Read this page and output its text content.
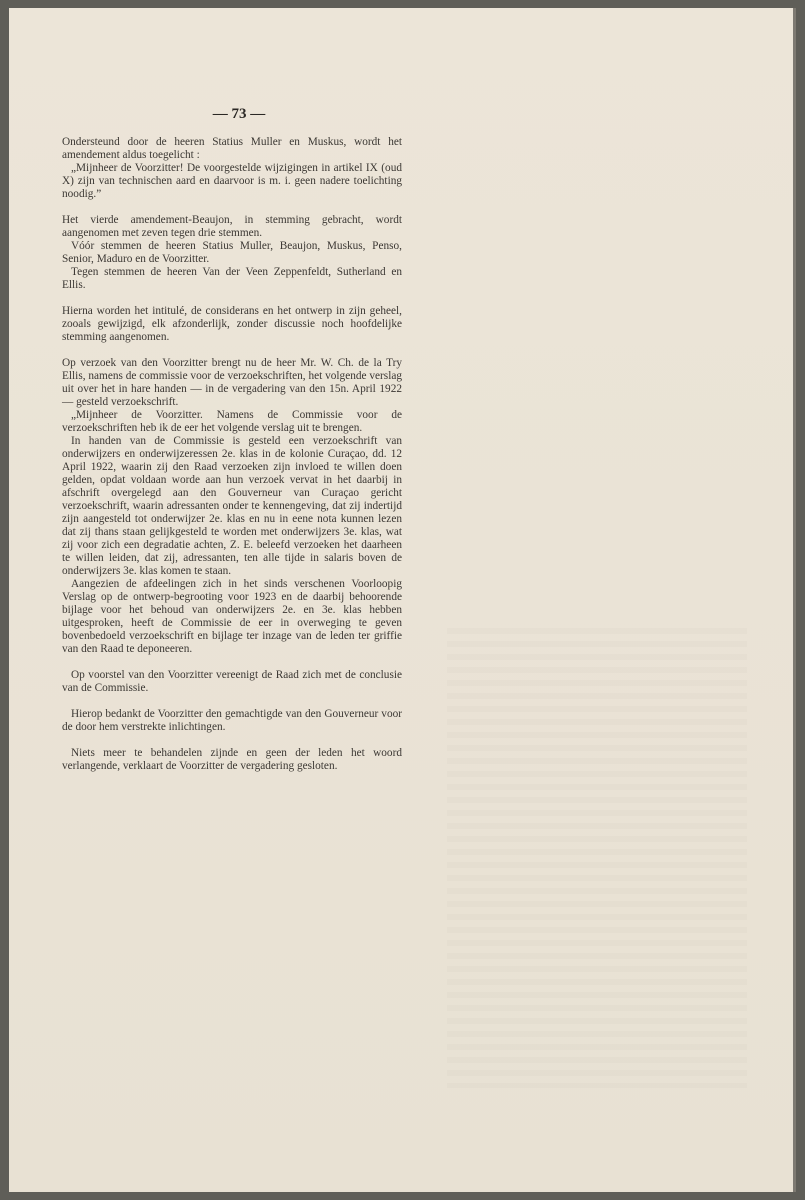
— 73 —

Ondersteund door de heeren Statius Muller en Muskus, wordt het amendement aldus toegelicht :

„Mijnheer de Voorzitter! De voorgestelde wijzigingen in artikel IX (oud X) zijn van technischen aard en daarvoor is m. i. geen nadere toelichting noodig.”

Het vierde amendement-Beaujon, in stemming gebracht, wordt aangenomen met zeven tegen drie stemmen.

Vóór stemmen de heeren Statius Muller, Beaujon, Muskus, Penso, Senior, Maduro en de Voorzitter.

Tegen stemmen de heeren Van der Veen Zeppenfeldt, Sutherland en Ellis.

Hierna worden het intitulé, de considerans en het ontwerp in zijn geheel, zooals gewijzigd, elk afzonderlijk, zonder discussie noch hoofdelijke stemming aangenomen.

Op verzoek van den Voorzitter brengt nu de heer Mr. W. Ch. de la Try Ellis, namens de commissie voor de verzoekschriften, het volgende verslag uit over het in hare handen — in de vergadering van den 15n. April 1922 — gesteld verzoekschrift.

„Mijnheer de Voorzitter. Namens de Commissie voor de verzoekschriften heb ik de eer het volgende verslag uit te brengen.

In handen van de Commissie is gesteld een verzoekschrift van onderwijzers en onderwijzeressen 2e. klas in de kolonie Curaçao, dd. 12 April 1922, waarin zij den Raad verzoeken zijn invloed te willen doen gelden, opdat voldaan worde aan hun verzoek vervat in het daarbij in afschrift overgelegd aan den Gouverneur van Curaçao gericht verzoekschrift, waarin adressanten onder te kennengeving, dat zij indertijd zijn aangesteld tot onderwijzer 2e. klas en nu in eene nota kunnen lezen dat zij thans staan gelijkgesteld te worden met onderwijzers 3e. klas, wat zij voor zich een degradatie achten, Z. E. beleefd verzoeken het daarheen te willen leiden, dat zij, adressanten, ten alle tijde in salaris boven de onderwijzers 3e. klas komen te staan.

Aangezien de afdeelingen zich in het sinds verschenen Voorloopig Verslag op de ontwerp-begrooting voor 1923 en de daarbij behoorende bijlage voor het behoud van onderwijzers 2e. en 3e. klas hebben uitgesproken, heeft de Commissie de eer in overweging te geven bovenbedoeld verzoekschrift en bijlage ter inzage van de leden ter griffie van den Raad te deponeeren.

Op voorstel van den Voorzitter vereenigt de Raad zich met de conclusie van de Commissie.

Hierop bedankt de Voorzitter den gemachtigde van den Gouverneur voor de door hem verstrekte inlichtingen.

Niets meer te behandelen zijnde en geen der leden het woord verlangende, verklaart de Voorzitter de vergadering gesloten.
